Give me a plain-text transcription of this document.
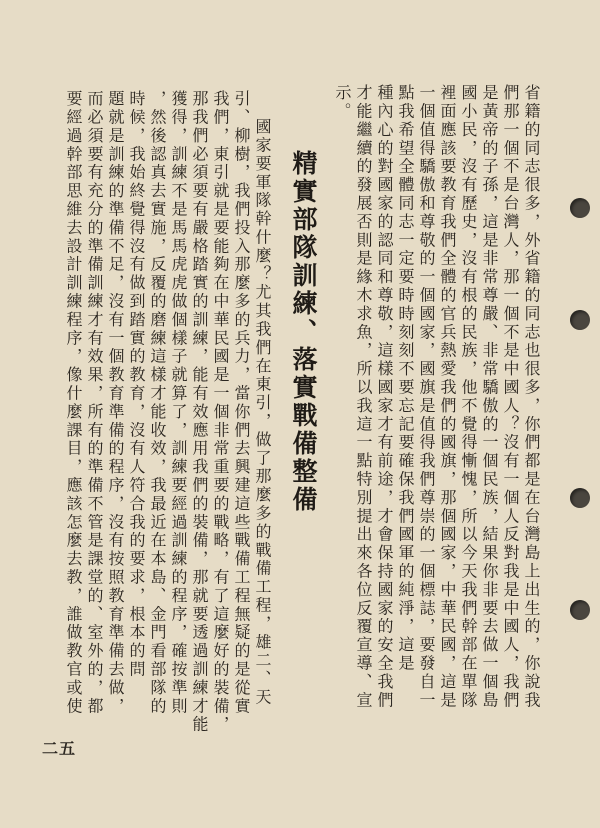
省籍的同志很多，外省籍的同志也很多，你們都是在台灣島上出生的，你說我
們那一個不是台灣人，那一個不是中國人？沒有一個人反對我是中國人，我們
是黃帝的子孫，這是非常尊嚴、非常驕傲的一個民族，結果你非要去做一個島
國小民，沒有歷史，沒有根的民族，他不覺得慚愧，所以今天我們幹部在單隊
裡面應該要教育我們全體的官兵熱愛我們的國旗，那個國家，中華民國，這是
一個值得驕傲和尊敬的一個國家，國旗是值得我們尊崇的一個標誌，要發自一
點我希望全體同志一定要時時刻刻不要忘記要確保我們國軍的純淨，這是
種內心的對國家的認同和尊敬，這樣國家才有前途，才會保持國家的安全我們
才能繼續的發展否則是緣木求魚，所以我這一點特別提出來各位反覆宣導、宣
示。
精實部隊訓練、落實戰備整備
國家要軍隊幹什麼？尤其我們在東引，做了那麼多的戰備工程，雄二、天
引、柳樹，我們投入那麼多的兵力，當你們去興建這些戰備工程無疑的是從實
我們，東引就是要能夠在中華民國是一個非常重要的戰略，有了這麼好的裝備，
那我們必須要有嚴格踏實的訓練，能有效應用我們的裝備，那就要透過訓練才能
獲得，訓練不是馬馬虎虎做個樣子就算了，訓練要經過訓練的程序，確按準則
，然後認真去實施，反覆的磨練這樣才能收效，我最近在本島、金門看部隊的
時候，我始終覺得沒有做到踏實的教育，沒有人符合我的要求，根本的問
題就是訓練的準備不足，沒有一個教育準備的程序，沒有按照教育準備去做，
而必須要有充分的準備訓練才有效果，所有的準備不管是課堂的、室外的，都
要經過幹部思維去設計訓練程序，像什麼課目，應該怎麼去教，誰做教官或使
二五
